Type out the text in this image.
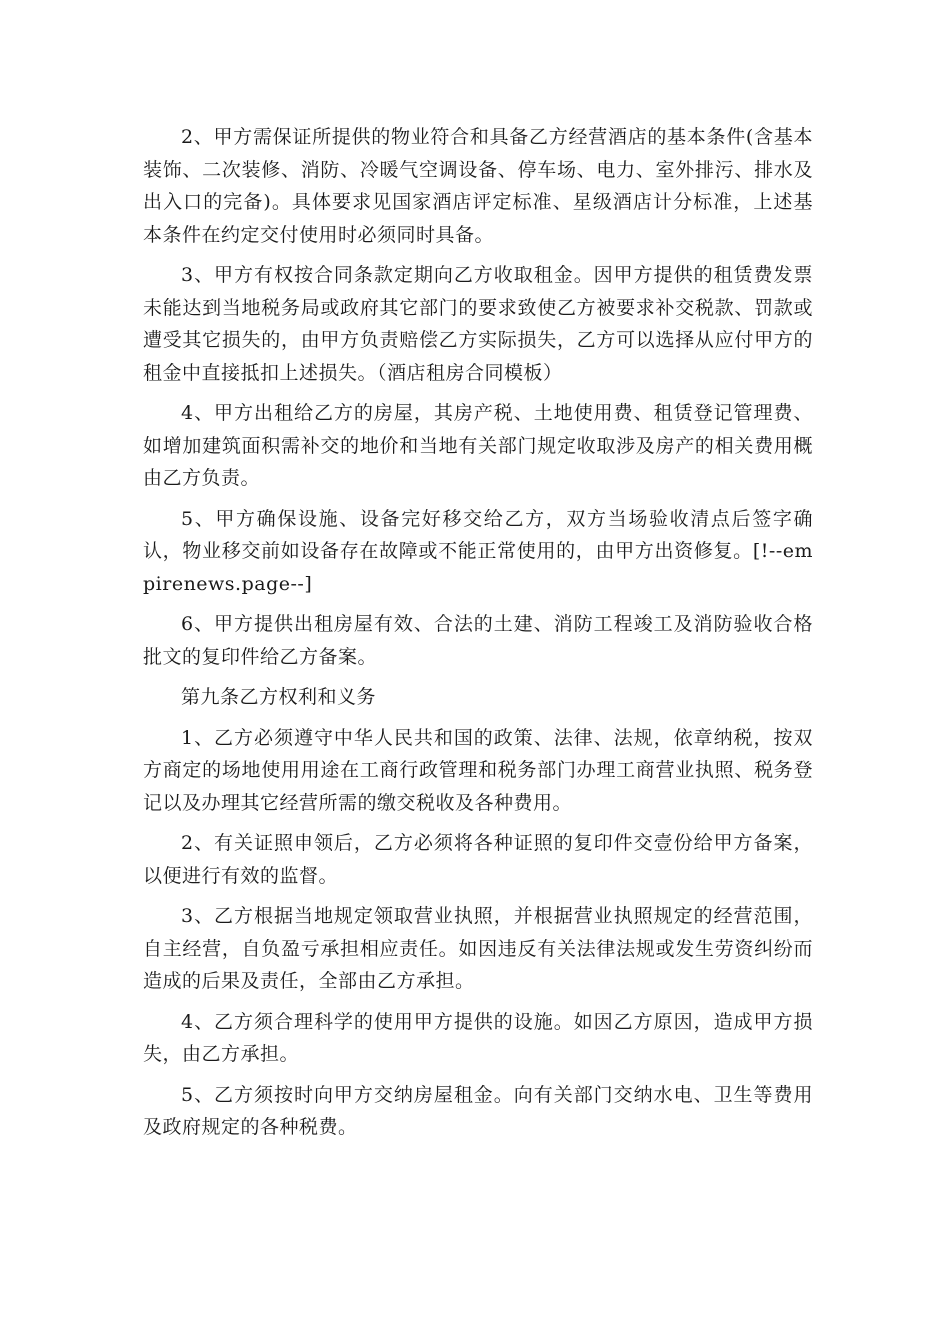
2、甲方需保证所提供的物业符合和具备乙方经营酒店的基本条件(含基本装饰、二次装修、消防、冷暖气空调设备、停车场、电力、室外排污、排水及出入口的完备)。具体要求见国家酒店评定标准、星级酒店计分标准，上述基本条件在约定交付使用时必须同时具备。

3、甲方有权按合同条款定期向乙方收取租金。因甲方提供的租赁费发票未能达到当地税务局或政府其它部门的要求致使乙方被要求补交税款、罚款或遭受其它损失的，由甲方负责赔偿乙方实际损失，乙方可以选择从应付甲方的租金中直接抵扣上述损失。（酒店租房合同模板）

4、甲方出租给乙方的房屋，其房产税、土地使用费、租赁登记管理费、如增加建筑面积需补交的地价和当地有关部门规定收取涉及房产的相关费用概由乙方负责。

5、甲方确保设施、设备完好移交给乙方，双方当场验收清点后签字确认，物业移交前如设备存在故障或不能正常使用的，由甲方出资修复。[!--empirenews.page--]

6、甲方提供出租房屋有效、合法的土建、消防工程竣工及消防验收合格批文的复印件给乙方备案。

第九条乙方权利和义务

1、乙方必须遵守中华人民共和国的政策、法律、法规，依章纳税，按双方商定的场地使用用途在工商行政管理和税务部门办理工商营业执照、税务登记以及办理其它经营所需的缴交税收及各种费用。

2、有关证照申领后，乙方必须将各种证照的复印件交壹份给甲方备案，以便进行有效的监督。

3、乙方根据当地规定领取营业执照，并根据营业执照规定的经营范围，自主经营，自负盈亏承担相应责任。如因违反有关法律法规或发生劳资纠纷而造成的后果及责任，全部由乙方承担。

4、乙方须合理科学的使用甲方提供的设施。如因乙方原因，造成甲方损失，由乙方承担。

5、乙方须按时向甲方交纳房屋租金。向有关部门交纳水电、卫生等费用及政府规定的各种税费。
